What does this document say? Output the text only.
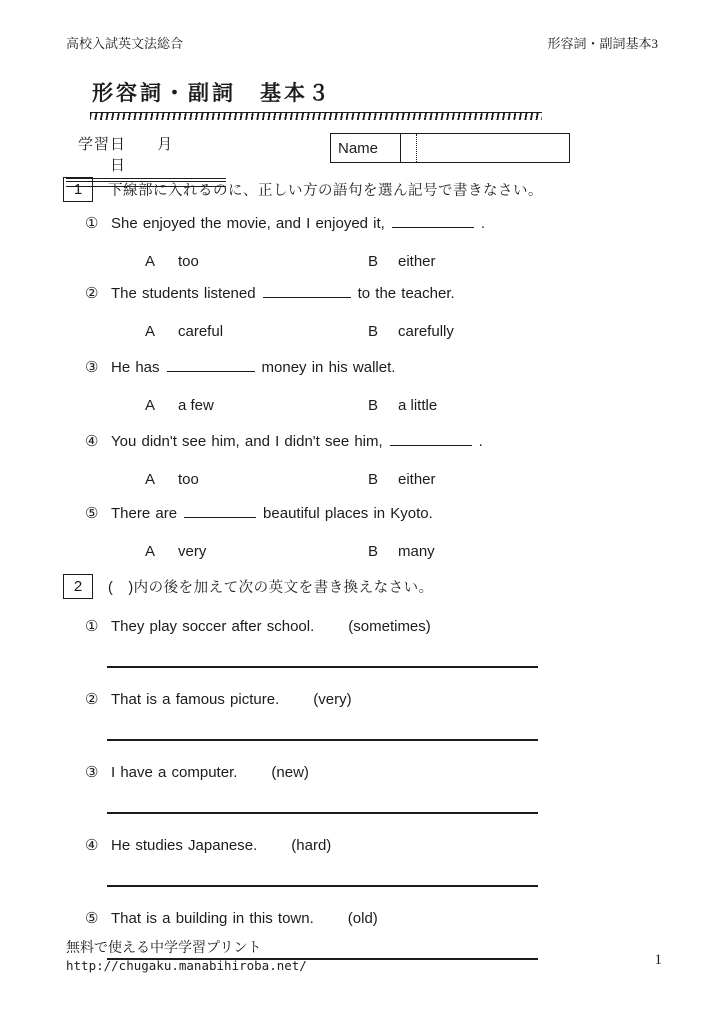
高校入試英文法総合	形容詞・副詞基本3
形容詞・副詞　基本３
学習日 月 日
Name
1	下線部に入れるのに、正しい方の語句を選ん記号で書きなさい。
① She enjoyed the movie, and I enjoyed it,	.
A	too	B	either
② The students listened	to the teacher.
A	careful	B	carefully
③ He has	money in his wallet.
A	a few	B	a little
④ You didn't see him, and I didn't see him,	.
A	too	B	either
⑤ There are	beautiful places in Kyoto.
A	very	B	many
2	(　)内の後を加えて次の英文を書き換えなさい。
① They play soccer after school. (sometimes)
② That is a famous picture. (very)
③ I have a computer. (new)
④ He studies Japanese. (hard)
⑤ That is a building in this town. (old)
無料で使える中学学習プリント
http://chugaku.manabihiroba.net/	1
